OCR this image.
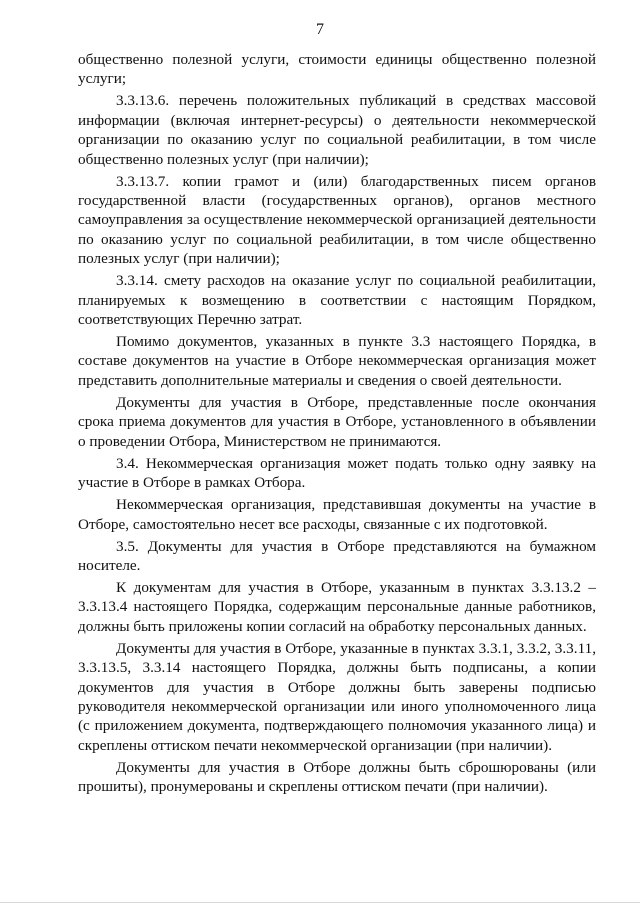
7

общественно полезной услуги, стоимости единицы общественно полезной услуги;

3.3.13.6. перечень положительных публикаций в средствах массовой информации (включая интернет-ресурсы) о деятельности некоммерческой организации по оказанию услуг по социальной реабилитации, в том числе общественно полезных услуг (при наличии);

3.3.13.7. копии грамот и (или) благодарственных писем органов государственной власти (государственных органов), органов местного самоуправления за осуществление некоммерческой организацией деятельности по оказанию услуг по социальной реабилитации, в том числе общественно полезных услуг (при наличии);

3.3.14. смету расходов на оказание услуг по социальной реабилитации, планируемых к возмещению в соответствии с настоящим Порядком, соответствующих Перечню затрат.

Помимо документов, указанных в пункте 3.3 настоящего Порядка, в составе документов на участие в Отборе некоммерческая организация может представить дополнительные материалы и сведения о своей деятельности.

Документы для участия в Отборе, представленные после окончания срока приема документов для участия в Отборе, установленного в объявлении о проведении Отбора, Министерством не принимаются.

3.4. Некоммерческая организация может подать только одну заявку на участие в Отборе в рамках Отбора.

Некоммерческая организация, представившая документы на участие в Отборе, самостоятельно несет все расходы, связанные с их подготовкой.

3.5. Документы для участия в Отборе представляются на бумажном носителе.

К документам для участия в Отборе, указанным в пунктах 3.3.13.2 – 3.3.13.4 настоящего Порядка, содержащим персональные данные работников, должны быть приложены копии согласий на обработку персональных данных.

Документы для участия в Отборе, указанные в пунктах 3.3.1, 3.3.2, 3.3.11, 3.3.13.5, 3.3.14 настоящего Порядка, должны быть подписаны, а копии документов для участия в Отборе должны быть заверены подписью руководителя некоммерческой организации или иного уполномоченного лица (с приложением документа, подтверждающего полномочия указанного лица) и скреплены оттиском печати некоммерческой организации (при наличии).

Документы для участия в Отборе должны быть сброшюрованы (или прошиты), пронумерованы и скреплены оттиском печати (при наличии).
